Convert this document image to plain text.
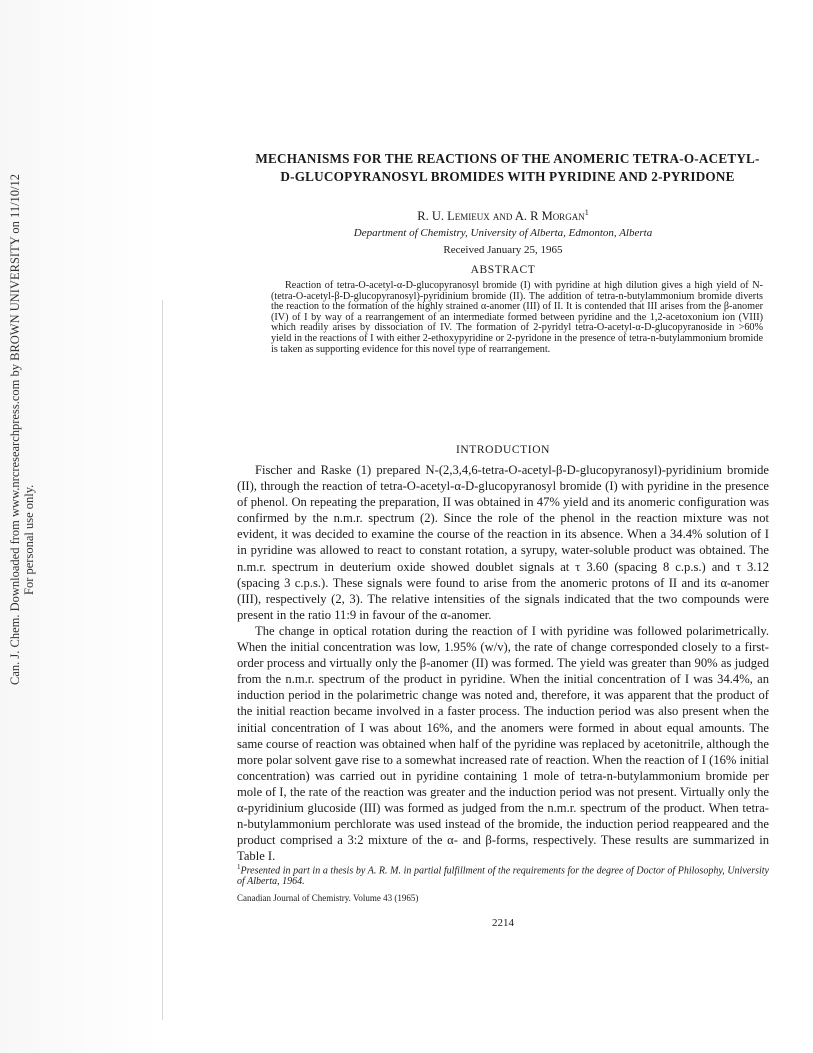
Can. J. Chem. Downloaded from www.nrcresearchpress.com by BROWN UNIVERSITY on 11/10/12 For personal use only.
MECHANISMS FOR THE REACTIONS OF THE ANOMERIC TETRA-O-ACETYL-D-GLUCOPYRANOSYL BROMIDES WITH PYRIDINE AND 2-PYRIDONE
R. U. Lemieux and A. R Morgan$^1$
Department of Chemistry, University of Alberta, Edmonton, Alberta
Received January 25, 1965
ABSTRACT

Reaction of tetra-O-acetyl-α-D-glucopyranosyl bromide (I) with pyridine at high dilution gives a high yield of N-(tetra-O-acetyl-β-D-glucopyranosyl)-pyridinium bromide (II). The addition of tetra-n-butylammonium bromide diverts the reaction to the formation of the highly strained α-anomer (III) of II. It is contended that III arises from the β-anomer (IV) of I by way of a rearrangement of an intermediate formed between pyridine and the 1,2-acetoxonium ion (VIII) which readily arises by dissociation of IV. The formation of 2-pyridyl tetra-O-acetyl-α-D-glucopyranoside in >60% yield in the reactions of I with either 2-ethoxypyridine or 2-pyridone in the presence of tetra-n-butylammonium bromide is taken as supporting evidence for this novel type of rearrangement.

INTRODUCTION

Fischer and Raske (1) prepared N-(2,3,4,6-tetra-O-acetyl-β-D-glucopyranosyl)-pyridinium bromide (II), through the reaction of tetra-O-acetyl-α-D-glucopyranosyl bromide (I) with pyridine in the presence of phenol. On repeating the preparation, II was obtained in 47% yield and its anomeric configuration was confirmed by the n.m.r. spectrum (2). Since the role of the phenol in the reaction mixture was not evident, it was decided to examine the course of the reaction in its absence. When a 34.4% solution of I in pyridine was allowed to react to constant rotation, a syrupy, water-soluble product was obtained. The n.m.r. spectrum in deuterium oxide showed doublet signals at τ 3.60 (spacing 8 c.p.s.) and τ 3.12 (spacing 3 c.p.s.). These signals were found to arise from the anomeric protons of II and its α-anomer (III), respectively (2, 3). The relative intensities of the signals indicated that the two compounds were present in the ratio 11:9 in favour of the α-anomer.

The change in optical rotation during the reaction of I with pyridine was followed polarimetrically. When the initial concentration was low, 1.95% (w/v), the rate of change corresponded closely to a first-order process and virtually only the β-anomer (II) was formed. The yield was greater than 90% as judged from the n.m.r. spectrum of the product in pyridine. When the initial concentration of I was 34.4%, an induction period in the polarimetric change was noted and, therefore, it was apparent that the product of the initial reaction became involved in a faster process. The induction period was also present when the initial concentration of I was about 16%, and the anomers were formed in about equal amounts. The same course of reaction was obtained when half of the pyridine was replaced by acetonitrile, although the more polar solvent gave rise to a somewhat increased rate of reaction. When the reaction of I (16% initial concentration) was carried out in pyridine containing 1 mole of tetra-n-butylammonium bromide per mole of I, the rate of the reaction was greater and the induction period was not present. Virtually only the α-pyridinium glucoside (III) was formed as judged from the n.m.r. spectrum of the product. When tetra-n-butylammonium perchlorate was used instead of the bromide, the induction period reappeared and the product comprised a 3:2 mixture of the α- and β-forms, respectively. These results are summarized in Table I.

$^1$Presented in part in a thesis by A. R. M. in partial fulfillment of the requirements for the degree of Doctor of Philosophy, University of Alberta, 1964.
Canadian Journal of Chemistry. Volume 43 (1965)
2214
